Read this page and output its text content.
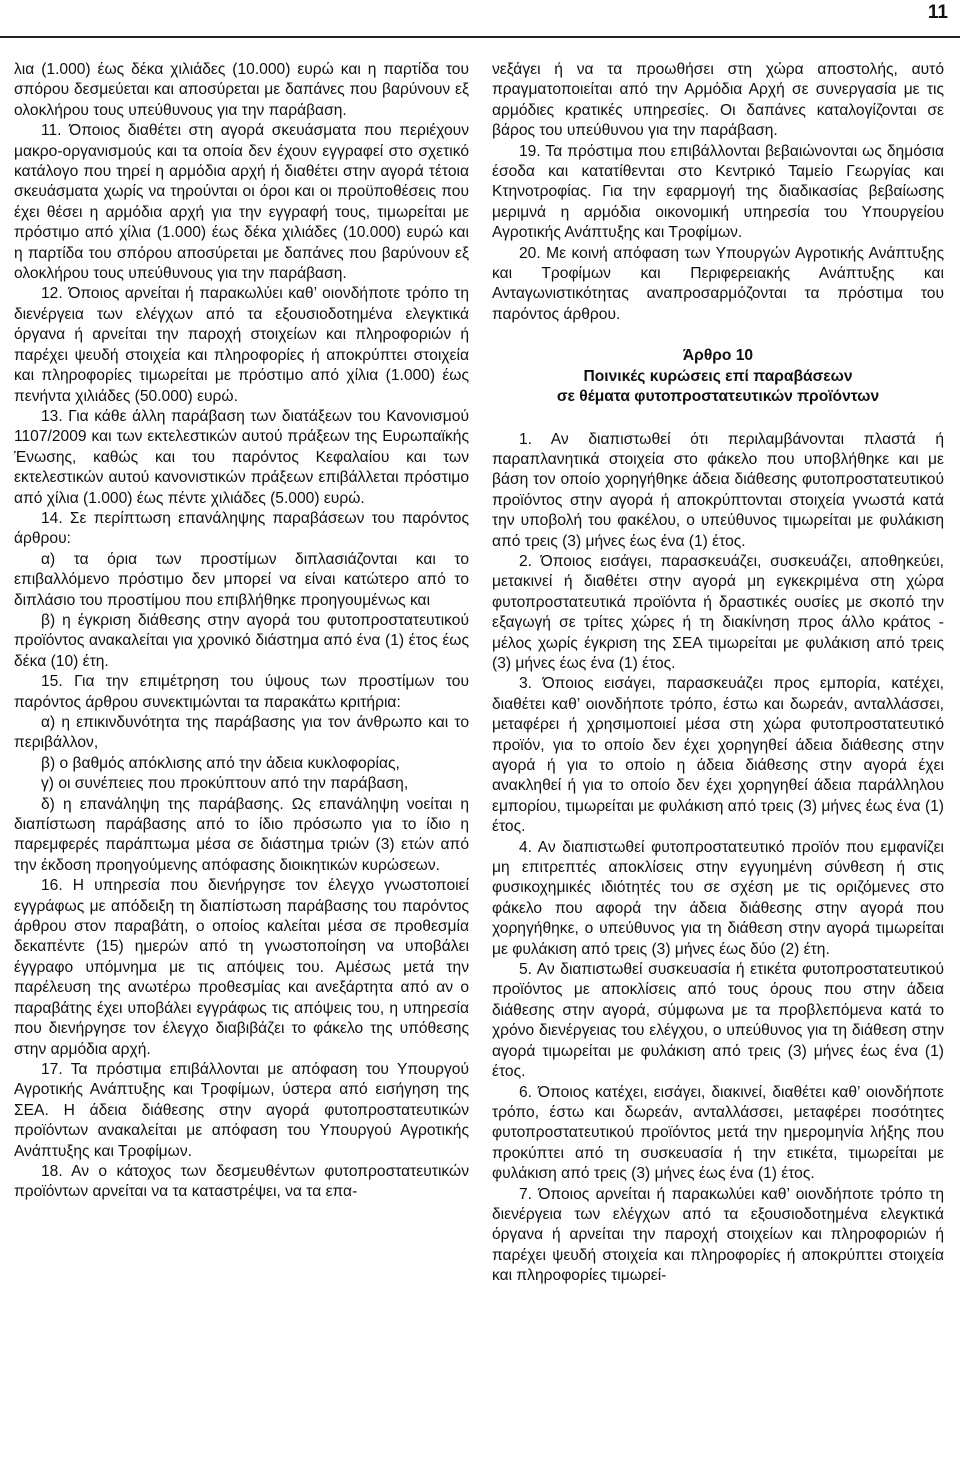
11

λια (1.000) έως δέκα χιλιάδες (10.000) ευρώ και η παρτίδα του σπόρου δεσμεύεται και αποσύρεται με δαπάνες που βαρύνουν εξ ολοκλήρου τους υπεύθυνους για την παράβαση.

11. Όποιος διαθέτει στη αγορά σκευάσματα που περιέχουν μακρο-οργανισμούς και τα οποία δεν έχουν εγγραφεί στο σχετικό κατάλογο που τηρεί η αρμόδια αρχή ή διαθέτει στην αγορά τέτοια σκευάσματα χωρίς να τηρούνται οι όροι και οι προϋποθέσεις που έχει θέσει η αρμόδια αρχή για την εγγραφή τους, τιμωρείται με πρόστιμο από χίλια (1.000) έως δέκα χιλιάδες (10.000) ευρώ και η παρτίδα του σπόρου αποσύρεται με δαπάνες που βαρύνουν εξ ολοκλήρου τους υπεύθυνους για την παράβαση.

12. Όποιος αρνείται ή παρακωλύει καθ’ οιονδήποτε τρόπο τη διενέργεια των ελέγχων από τα εξουσιοδοτημένα ελεγκτικά όργανα ή αρνείται την παροχή στοιχείων και πληροφοριών ή παρέχει ψευδή στοιχεία και πληροφορίες ή αποκρύπτει στοιχεία και πληροφορίες τιμωρείται με πρόστιμο από χίλια (1.000) έως πενήντα χιλιάδες (50.000) ευρώ.

13. Για κάθε άλλη παράβαση των διατάξεων του Κανονισμού 1107/2009 και των εκτελεστικών αυτού πράξεων της Ευρωπαϊκής Ένωσης, καθώς και του παρόντος Κεφαλαίου και των εκτελεστικών αυτού κανονιστικών πράξεων επιβάλλεται πρόστιμο από χίλια (1.000) έως πέντε χιλιάδες (5.000) ευρώ.

14. Σε περίπτωση επανάληψης παραβάσεων του παρόντος άρθρου:

α) τα όρια των προστίμων διπλασιάζονται και το επιβαλλόμενο πρόστιμο δεν μπορεί να είναι κατώτερο από το διπλάσιο του προστίμου που επιβλήθηκε προηγουμένως και

β) η έγκριση διάθεσης στην αγορά του φυτοπροστατευτικού προϊόντος ανακαλείται για χρονικό διάστημα από ένα (1) έτος έως δέκα (10) έτη.

15. Για την επιμέτρηση του ύψους των προστίμων του παρόντος άρθρου συνεκτιμώνται τα παρακάτω κριτήρια:

α) η επικινδυνότητα της παράβασης για τον άνθρωπο και το περιβάλλον,

β) ο βαθμός απόκλισης από την άδεια κυκλοφορίας,

γ) οι συνέπειες που προκύπτουν από την παράβαση,

δ) η επανάληψη της παράβασης. Ως επανάληψη νοείται η διαπίστωση παράβασης από το ίδιο πρόσωπο για το ίδιο η παρεμφερές παράπτωμα μέσα σε διάστημα τριών (3) ετών από την έκδοση προηγούμενης απόφασης διοικητικών κυρώσεων.

16. Η υπηρεσία που διενήργησε τον έλεγχο γνωστοποιεί εγγράφως με απόδειξη τη διαπίστωση παράβασης του παρόντος άρθρου στον παραβάτη, ο οποίος καλείται μέσα σε προθεσμία δεκαπέντε (15) ημερών από τη γνωστοποίηση να υποβάλει έγγραφο υπόμνημα με τις απόψεις του. Αμέσως μετά την παρέλευση της ανωτέρω προθεσμίας και ανεξάρτητα από αν ο παραβάτης έχει υποβάλει εγγράφως τις απόψεις του, η υπηρεσία που διενήργησε τον έλεγχο διαβιβάζει το φάκελο της υπόθεσης στην αρμόδια αρχή.

17. Τα πρόστιμα επιβάλλονται με απόφαση του Υπουργού Αγροτικής Ανάπτυξης και Τροφίμων, ύστερα από εισήγηση της ΣΕΑ. Η άδεια διάθεσης στην αγορά φυτοπροστατευτικών προϊόντων ανακαλείται με απόφαση του Υπουργού Αγροτικής Ανάπτυξης και Τροφίμων.

18. Αν ο κάτοχος των δεσμευθέντων φυτοπροστατευτικών προϊόντων αρνείται να τα καταστρέψει, να τα επα-

νεξάγει ή να τα προωθήσει στη χώρα αποστολής, αυτό πραγματοποιείται από την Αρμόδια Αρχή σε συνεργασία με τις αρμόδιες κρατικές υπηρεσίες. Οι δαπάνες καταλογίζονται σε βάρος του υπεύθυνου για την παράβαση.

19. Τα πρόστιμα που επιβάλλονται βεβαιώνονται ως δημόσια έσοδα και κατατίθενται στο Κεντρικό Ταμείο Γεωργίας και Κτηνοτροφίας. Για την εφαρμογή της διαδικασίας βεβαίωσης μεριμνά η αρμόδια οικονομική υπηρεσία του Υπουργείου Αγροτικής Ανάπτυξης και Τροφίμων.

20. Με κοινή απόφαση των Υπουργών Αγροτικής Ανάπτυξης και Τροφίμων και Περιφερειακής Ανάπτυξης και Ανταγωνιστικότητας αναπροσαρμόζονται τα πρόστιμα του παρόντος άρθρου.

Άρθρο 10
Ποινικές κυρώσεις επί παραβάσεων
σε θέματα φυτοπροστατευτικών προϊόντων

1. Αν διαπιστωθεί ότι περιλαμβάνονται πλαστά ή παραπλανητικά στοιχεία στο φάκελο που υποβλήθηκε και με βάση τον οποίο χορηγήθηκε άδεια διάθεσης φυτοπροστατευτικού προϊόντος στην αγορά ή αποκρύπτονται στοιχεία γνωστά κατά την υποβολή του φακέλου, ο υπεύθυνος τιμωρείται με φυλάκιση από τρεις (3) μήνες έως ένα (1) έτος.

2. Όποιος εισάγει, παρασκευάζει, συσκευάζει, αποθηκεύει, μετακινεί ή διαθέτει στην αγορά μη εγκεκριμένα στη χώρα φυτοπροστατευτικά προϊόντα ή δραστικές ουσίες με σκοπό την εξαγωγή σε τρίτες χώρες ή τη διακίνηση προς άλλο κράτος - μέλος χωρίς έγκριση της ΣΕΑ τιμωρείται με φυλάκιση από τρεις (3) μήνες έως ένα (1) έτος.

3. Όποιος εισάγει, παρασκευάζει προς εμπορία, κατέχει, διαθέτει καθ’ οιονδήποτε τρόπο, έστω και δωρεάν, ανταλλάσσει, μεταφέρει ή χρησιμοποιεί μέσα στη χώρα φυτοπροστατευτικό προϊόν, για το οποίο δεν έχει χορηγηθεί άδεια διάθεσης στην αγορά ή για το οποίο η άδεια διάθεσης στην αγορά έχει ανακληθεί ή για το οποίο δεν έχει χορηγηθεί άδεια παράλληλου εμπορίου, τιμωρείται με φυλάκιση από τρεις (3) μήνες έως ένα (1) έτος.

4. Αν διαπιστωθεί φυτοπροστατευτικό προϊόν που εμφανίζει μη επιτρεπτές αποκλίσεις στην εγγυημένη σύνθεση ή στις φυσικοχημικές ιδιότητές του σε σχέση με τις οριζόμενες στο φάκελο που αφορά την άδεια διάθεσης στην αγορά που χορηγήθηκε, ο υπεύθυνος για τη διάθεση στην αγορά τιμωρείται με φυλάκιση από τρεις (3) μήνες έως δύο (2) έτη.

5. Αν διαπιστωθεί συσκευασία ή ετικέτα φυτοπροστατευτικού προϊόντος με αποκλίσεις από τους όρους που στην άδεια διάθεσης στην αγορά, σύμφωνα με τα προβλεπόμενα κατά το χρόνο διενέργειας του ελέγχου, ο υπεύθυνος για τη διάθεση στην αγορά τιμωρείται με φυλάκιση από τρεις (3) μήνες έως ένα (1) έτος.

6. Όποιος κατέχει, εισάγει, διακινεί, διαθέτει καθ’ οιονδήποτε τρόπο, έστω και δωρεάν, ανταλλάσσει, μεταφέρει ποσότητες φυτοπροστατευτικού προϊόντος μετά την ημερομηνία λήξης που προκύπτει από τη συσκευασία ή την ετικέτα, τιμωρείται με φυλάκιση από τρεις (3) μήνες έως ένα (1) έτος.

7. Όποιος αρνείται ή παρακωλύει καθ’ οιονδήποτε τρόπο τη διενέργεια των ελέγχων από τα εξουσιοδοτημένα ελεγκτικά όργανα ή αρνείται την παροχή στοιχείων και πληροφοριών ή παρέχει ψευδή στοιχεία και πληροφορίες ή αποκρύπτει στοιχεία και πληροφορίες τιμωρεί-
